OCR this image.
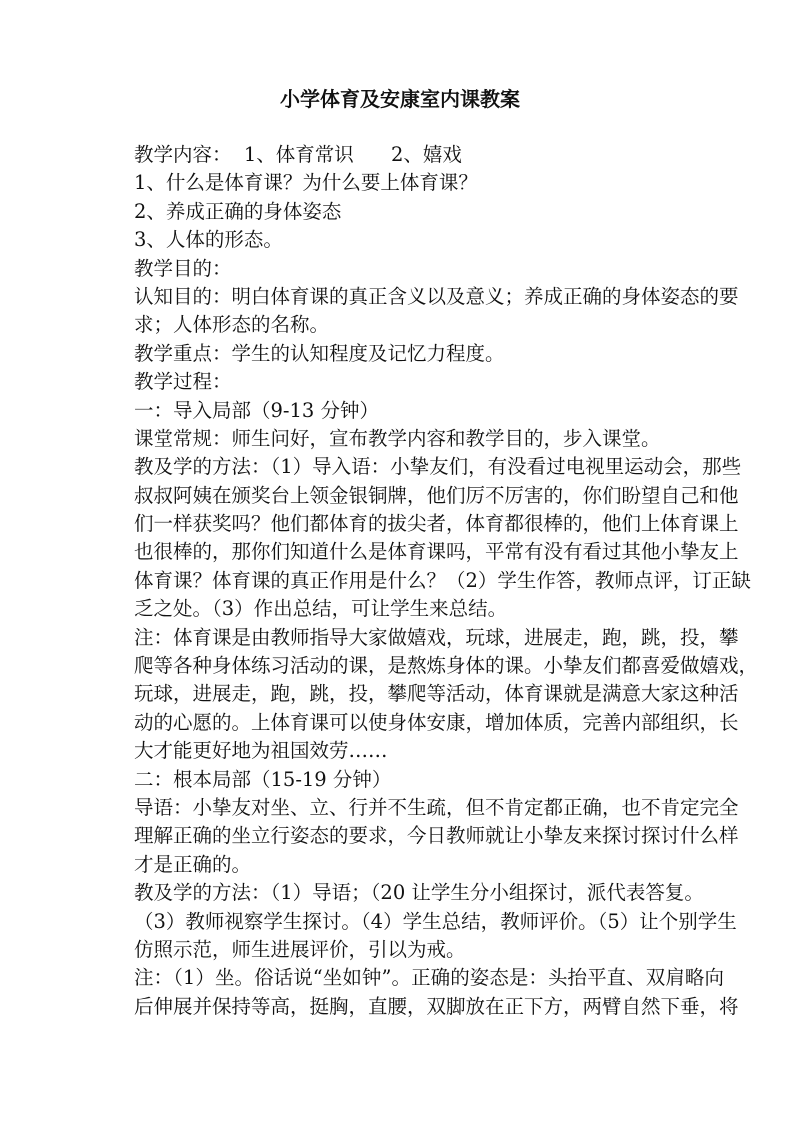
小学体育及安康室内课教案
教学内容：  1、体育常识      2、嬉戏
1、什么是体育课？为什么要上体育课？
2、养成正确的身体姿态
3、人体的形态。
教学目的：
认知目的：明白体育课的真正含义以及意义；养成正确的身体姿态的要
求；人体形态的名称。
教学重点：学生的认知程度及记忆力程度。
教学过程：
一：导入局部（9-13 分钟）
课堂常规：师生问好，宣布教学内容和教学目的，步入课堂。
教及学的方法：（1）导入语：小挚友们，有没看过电视里运动会，那些
叔叔阿姨在颁奖台上领金银铜牌，他们厉不厉害的，你们盼望自己和他
们一样获奖吗？他们都体育的拔尖者，体育都很棒的，他们上体育课上
也很棒的，那你们知道什么是体育课吗，平常有没有看过其他小挚友上
体育课？体育课的真正作用是什么？（2）学生作答，教师点评，订正缺
乏之处。（3）作出总结，可让学生来总结。
注：体育课是由教师指导大家做嬉戏，玩球，进展走，跑，跳，投，攀
爬等各种身体练习活动的课，是熬炼身体的课。小挚友们都喜爱做嬉戏，
玩球，进展走，跑，跳，投，攀爬等活动，体育课就是满意大家这种活
动的心愿的。上体育课可以使身体安康，增加体质，完善内部组织，长
大才能更好地为祖国效劳……
二：根本局部（15-19 分钟）
导语：小挚友对坐、立、行并不生疏，但不肯定都正确，也不肯定完全
理解正确的坐立行姿态的要求，今日教师就让小挚友来探讨探讨什么样
才是正确的。
教及学的方法：（1）导语；（20 让学生分小组探讨，派代表答复。
（3）教师视察学生探讨。（4）学生总结，教师评价。（5）让个别学生
仿照示范，师生进展评价，引以为戒。
注：（1）坐。俗话说“坐如钟”。正确的姿态是：头抬平直、双肩略向
后伸展并保持等高，挺胸，直腰，双脚放在正下方，两臂自然下垂，将
